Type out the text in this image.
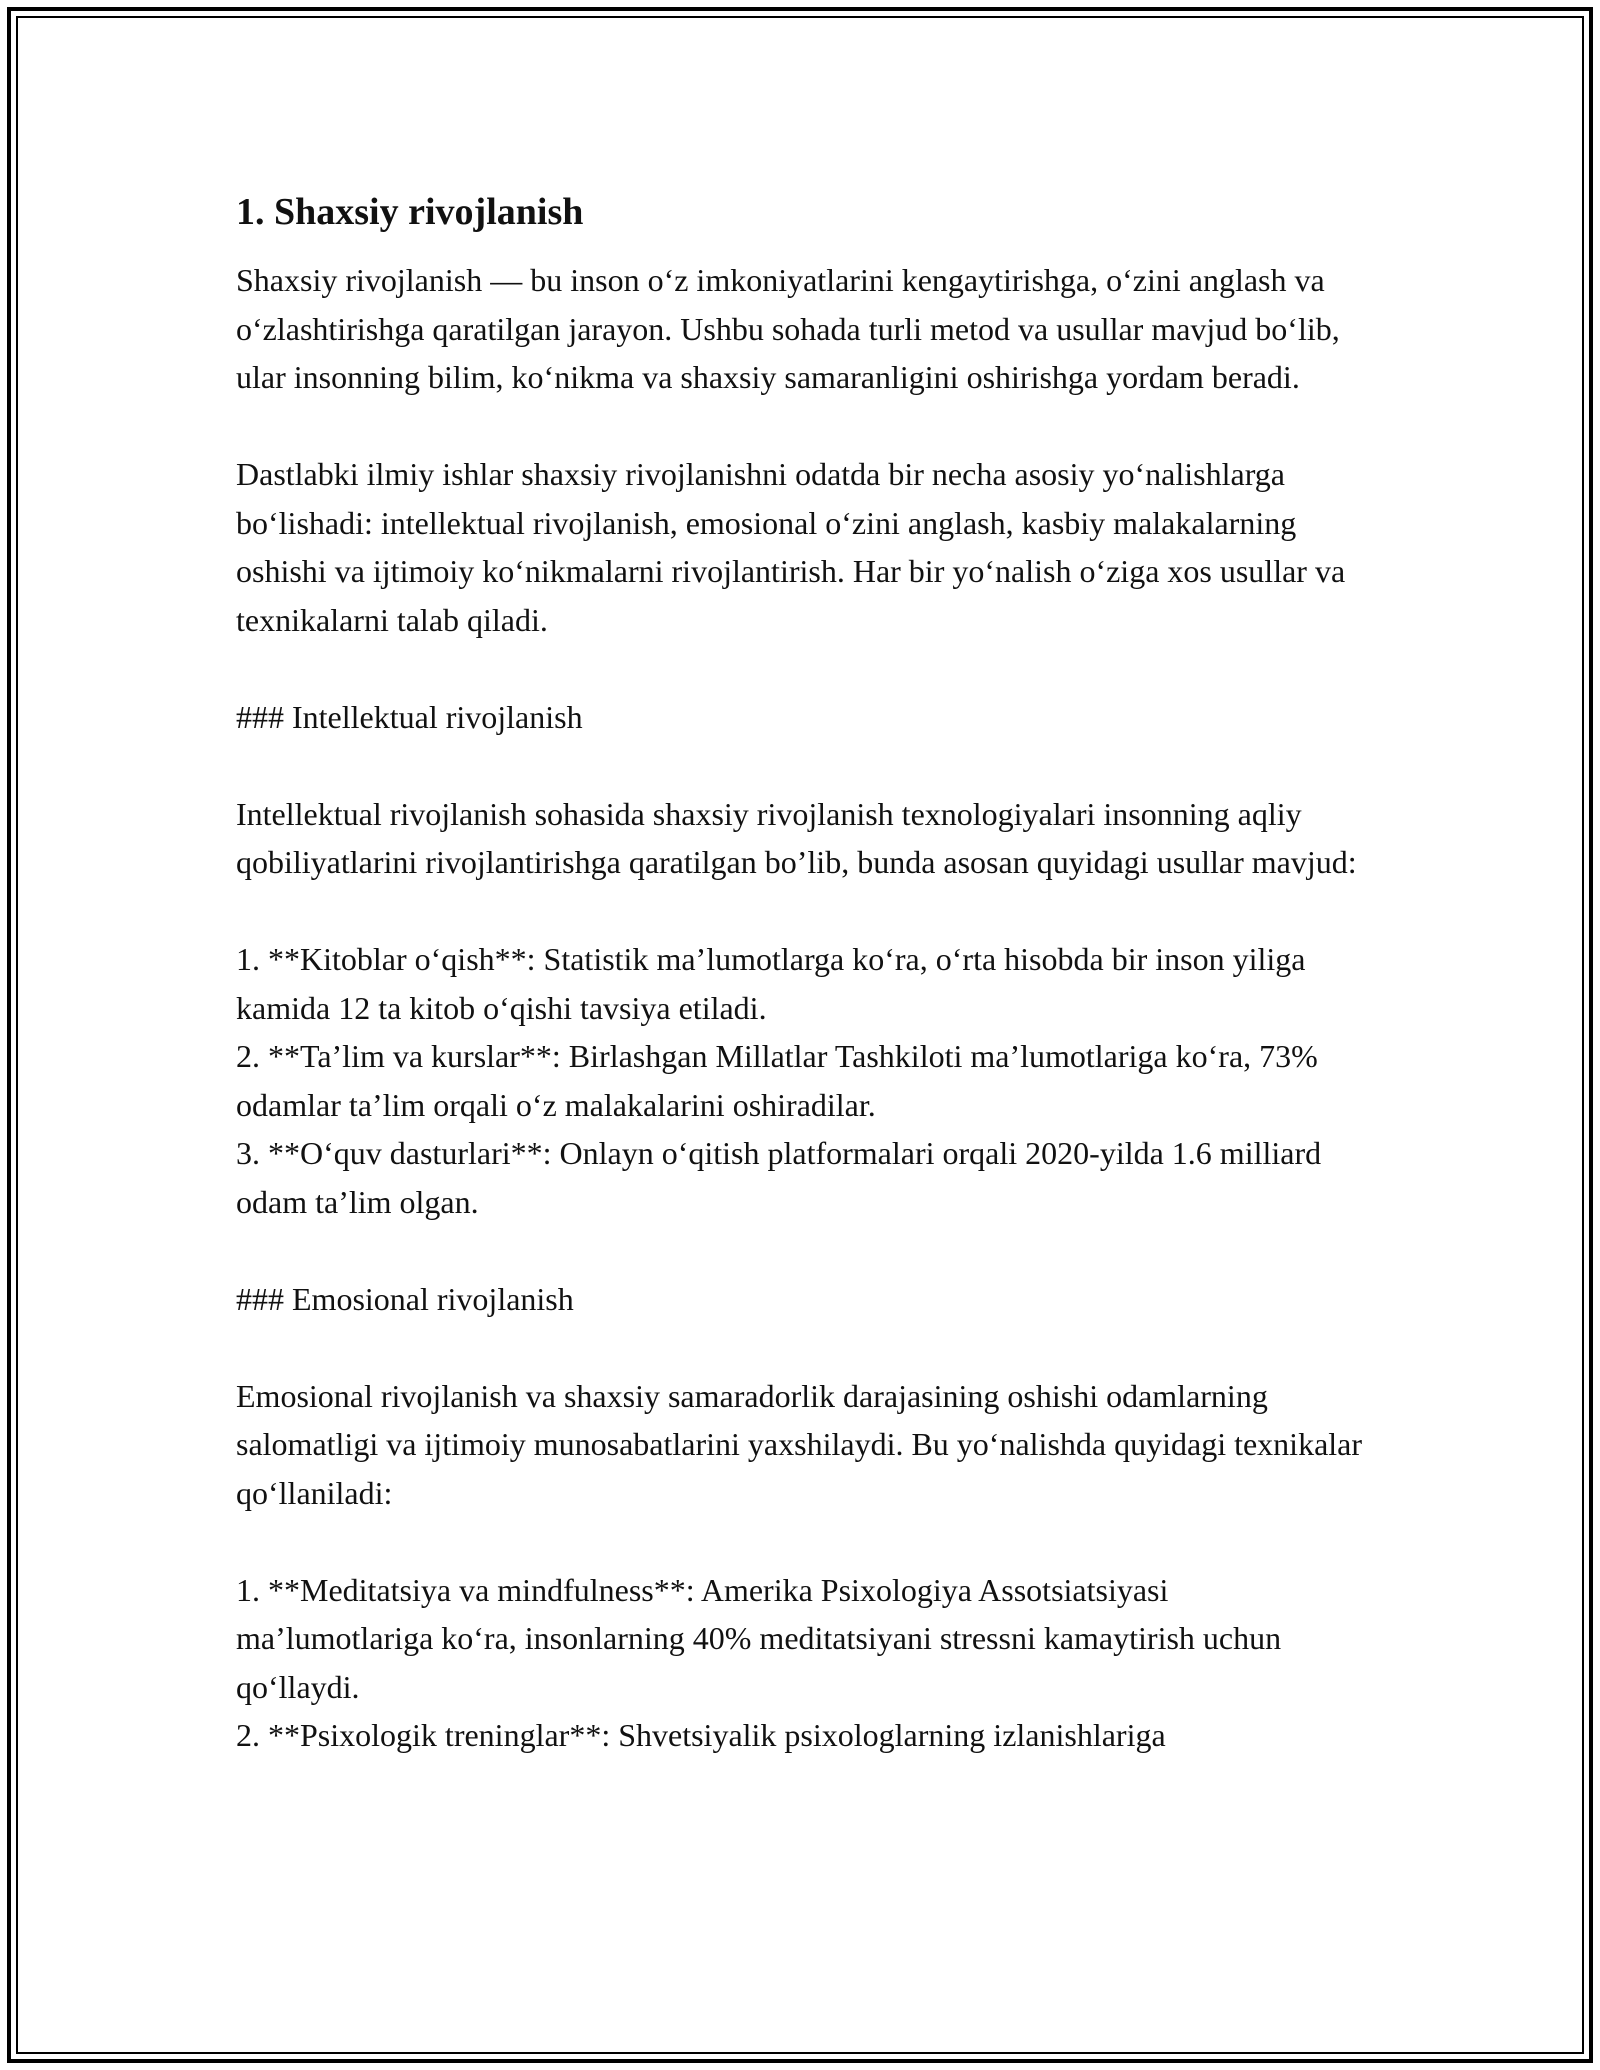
1. Shaxsiy rivojlanish

Shaxsiy rivojlanish — bu inson o‘z imkoniyatlarini kengaytirishga, o‘zini anglash va o‘zlashtirishga qaratilgan jarayon. Ushbu sohada turli metod va usullar mavjud bo‘lib, ular insonning bilim, ko‘nikma va shaxsiy samaranligini oshirishga yordam beradi.

Dastlabki ilmiy ishlar shaxsiy rivojlanishni odatda bir necha asosiy yo‘nalishlarga bo‘lishadi: intellektual rivojlanish, emosional o‘zini anglash, kasbiy malakalarning oshishi va ijtimoiy ko‘nikmalarni rivojlantirish. Har bir yo‘nalish o‘ziga xos usullar va texnikalarni talab qiladi.

### Intellektual rivojlanish

Intellektual rivojlanish sohasida shaxsiy rivojlanish texnologiyalari insonning aqliy qobiliyatlarini rivojlantirishga qaratilgan bo’lib, bunda asosan quyidagi usullar mavjud:

1. **Kitoblar o‘qish**: Statistik ma’lumotlarga ko‘ra, o‘rta hisobda bir inson yiliga kamida 12 ta kitob o‘qishi tavsiya etiladi.
2. **Ta’lim va kurslar**: Birlashgan Millatlar Tashkiloti ma’lumotlariga ko‘ra, 73% odamlar ta’lim orqali o‘z malakalarini oshiradilar.
3. **O‘quv dasturlari**: Onlayn o‘qitish platformalari orqali 2020-yilda 1.6 milliard odam ta’lim olgan.

### Emosional rivojlanish

Emosional rivojlanish va shaxsiy samaradorlik darajasining oshishi odamlarning salomatligi va ijtimoiy munosabatlarini yaxshilaydi. Bu yo‘nalishda quyidagi texnikalar qo‘llaniladi:

1. **Meditatsiya va mindfulness**: Amerika Psixologiya Assotsiatsiyasi ma’lumotlariga ko‘ra, insonlarning 40% meditatsiyani stressni kamaytirish uchun qo‘llaydi.
2. **Psixologik treninglar**: Shvetsiyalik psixologlarning izlanishlariga
